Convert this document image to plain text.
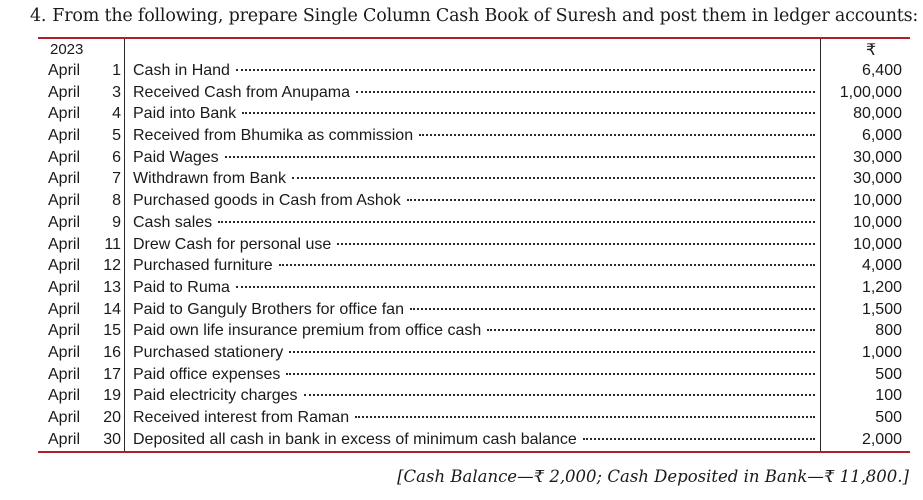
4. From the following, prepare Single Column Cash Book of Suresh and post them in ledger accounts:
2023	₹
April 1 Cash in Hand	6,400
April 3 Received Cash from Anupama	1,00,000
April 4 Paid into Bank	80,000
April 5 Received from Bhumika as commission	6,000
April 6 Paid Wages	30,000
April 7 Withdrawn from Bank	30,000
April 8 Purchased goods in Cash from Ashok	10,000
April 9 Cash sales	10,000
April 11 Drew Cash for personal use	10,000
April 12 Purchased furniture	4,000
April 13 Paid to Ruma	1,200
April 14 Paid to Ganguly Brothers for office fan	1,500
April 15 Paid own life insurance premium from office cash	800
April 16 Purchased stationery	1,000
April 17 Paid office expenses	500
April 19 Paid electricity charges	100
April 20 Received interest from Raman	500
April 30 Deposited all cash in bank in excess of minimum cash balance	2,000
[Cash Balance—₹ 2,000; Cash Deposited in Bank—₹ 11,800.]
